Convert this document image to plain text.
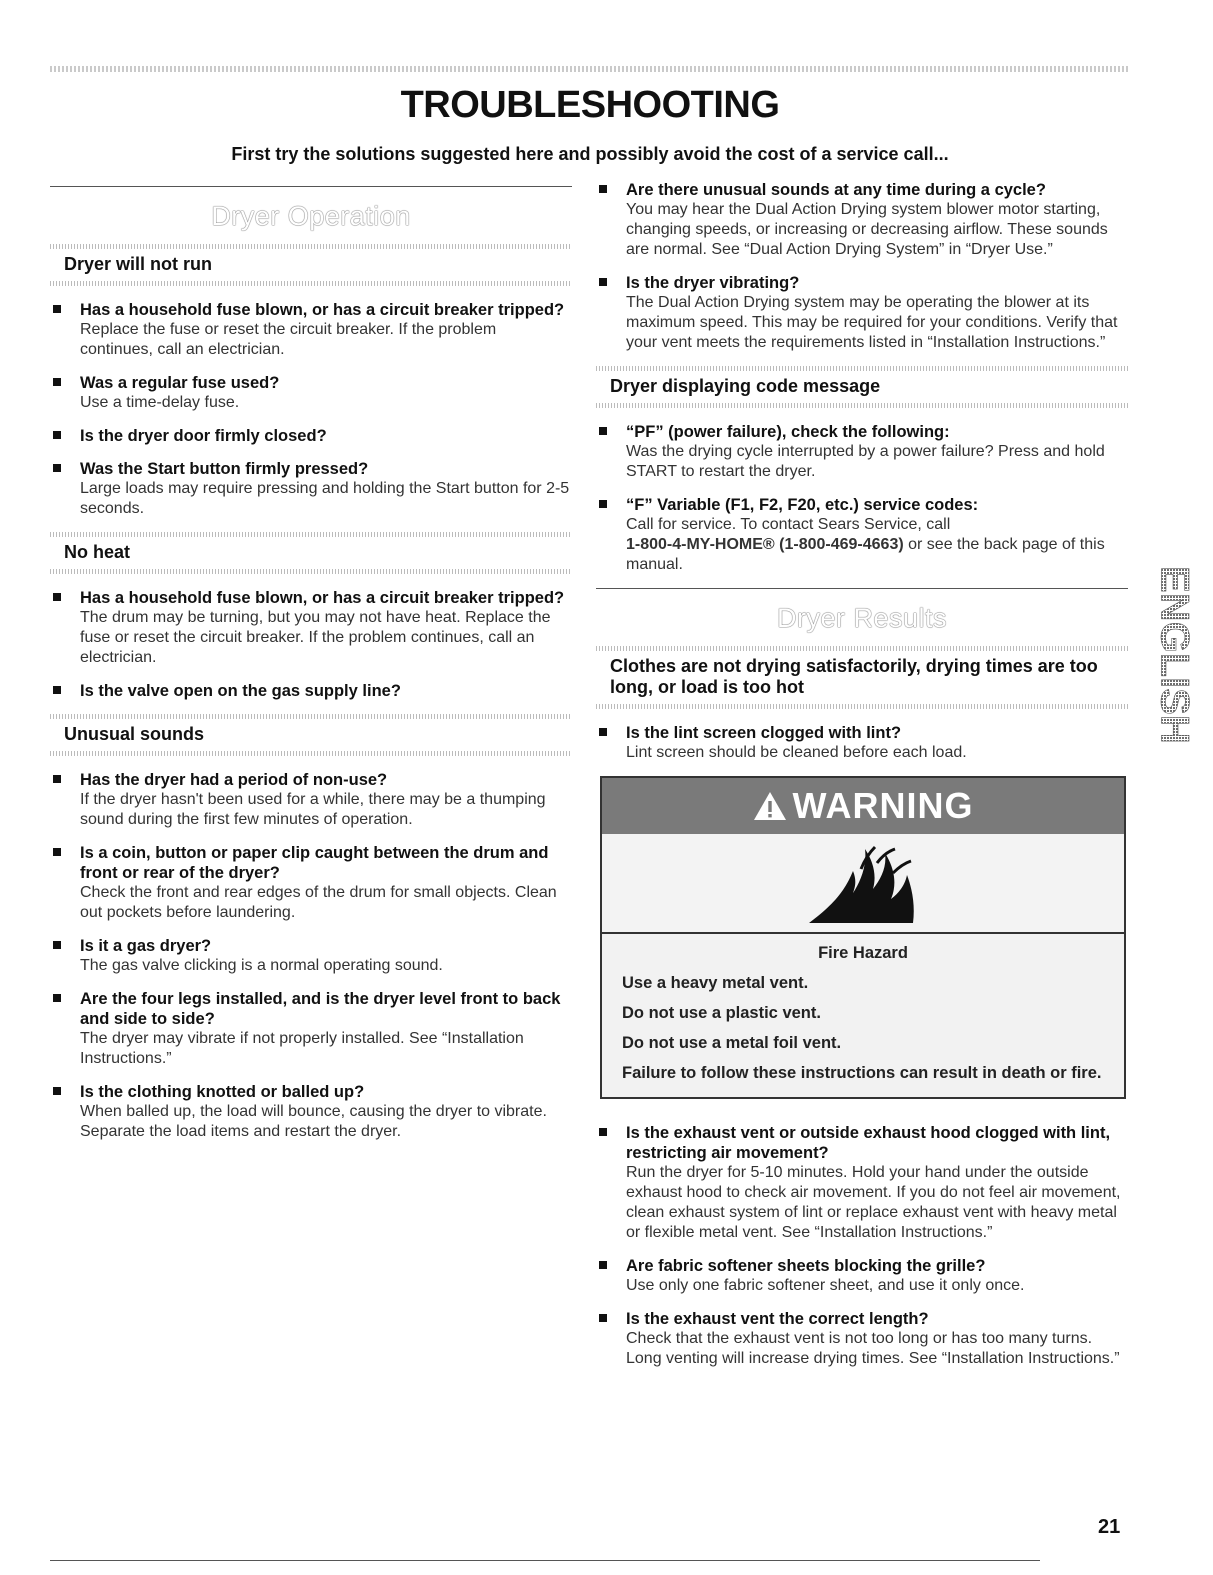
TROUBLESHOOTING
First try the solutions suggested here and possibly avoid the cost of a service call...
Dryer Operation
Dryer will not run
Has a household fuse blown, or has a circuit breaker tripped?
Replace the fuse or reset the circuit breaker. If the problem continues, call an electrician.
Was a regular fuse used?
Use a time-delay fuse.
Is the dryer door firmly closed?
Was the Start button firmly pressed?
Large loads may require pressing and holding the Start button for 2-5 seconds.
No heat
Has a household fuse blown, or has a circuit breaker tripped?
The drum may be turning, but you may not have heat. Replace the fuse or reset the circuit breaker. If the problem continues, call an electrician.
Is the valve open on the gas supply line?
Unusual sounds
Has the dryer had a period of non-use?
If the dryer hasn't been used for a while, there may be a thumping sound during the first few minutes of operation.
Is a coin, button or paper clip caught between the drum and front or rear of the dryer?
Check the front and rear edges of the drum for small objects. Clean out pockets before laundering.
Is it a gas dryer?
The gas valve clicking is a normal operating sound.
Are the four legs installed, and is the dryer level front to back and side to side?
The dryer may vibrate if not properly installed. See “Installation Instructions.”
Is the clothing knotted or balled up?
When balled up, the load will bounce, causing the dryer to vibrate. Separate the load items and restart the dryer.
Are there unusual sounds at any time during a cycle?
You may hear the Dual Action Drying system blower motor starting, changing speeds, or increasing or decreasing airflow. These sounds are normal. See “Dual Action Drying System” in “Dryer Use.”
Is the dryer vibrating?
The Dual Action Drying system may be operating the blower at its maximum speed. This may be required for your conditions. Verify that your vent meets the requirements listed in “Installation Instructions.”
Dryer displaying code message
“PF” (power failure), check the following:
Was the drying cycle interrupted by a power failure? Press and hold START to restart the dryer.
“F” Variable (F1, F2, F20, etc.) service codes:
Call for service. To contact Sears Service, call
1-800-4-MY-HOME® (1-800-469-4663) or see the back page of this manual.
Dryer Results
Clothes are not drying satisfactorily, drying times are too long, or load is too hot
Is the lint screen clogged with lint?
Lint screen should be cleaned before each load.
WARNING
Fire Hazard
Use a heavy metal vent.
Do not use a plastic vent.
Do not use a metal foil vent.
Failure to follow these instructions can result in death or fire.
Is the exhaust vent or outside exhaust hood clogged with lint, restricting air movement?
Run the dryer for 5-10 minutes. Hold your hand under the outside exhaust hood to check air movement. If you do not feel air movement, clean exhaust system of lint or replace exhaust vent with heavy metal or flexible metal vent. See “Installation Instructions.”
Are fabric softener sheets blocking the grille?
Use only one fabric softener sheet, and use it only once.
Is the exhaust vent the correct length?
Check that the exhaust vent is not too long or has too many turns. Long venting will increase drying times. See “Installation Instructions.”
ENGLISH
21
